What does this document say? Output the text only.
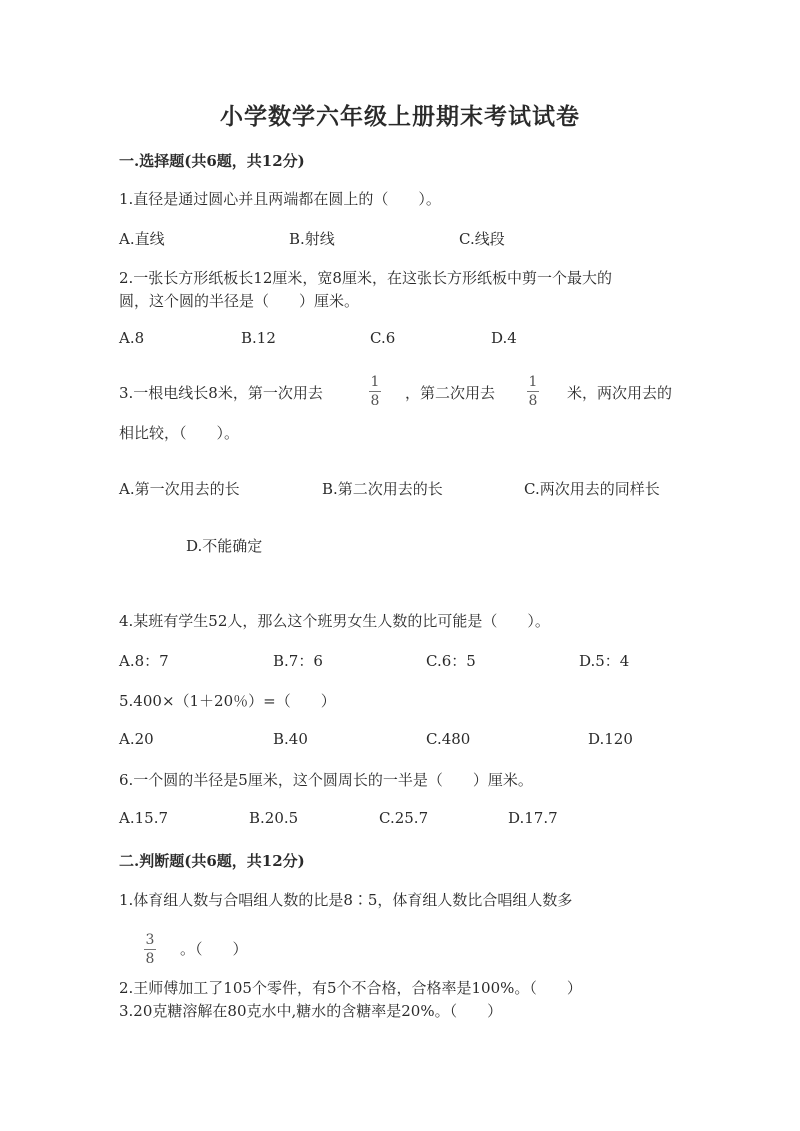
小学数学六年级上册期末考试试卷
一.选择题(共6题，共12分)
1.直径是通过圆心并且两端都在圆上的（　　）。
A.直线	B.射线	C.线段
2.一张长方形纸板长12厘米，宽8厘米，在这张长方形纸板中剪一个最大的
圆，这个圆的半径是（　　）厘米。
A.8	B.12	C.6	D.4
3.一根电线长8米，第一次用去
1
8 ，第二次用去
1
8 米，两次用去的
相比较，（　　）。
A.第一次用去的长	B.第二次用去的长	C.两次用去的同样长
D.不能确定
4.某班有学生52人，那么这个班男女生人数的比可能是（　　）。
A.8：7	B.7：6	C.6：5	D.5：4
5.400×（1＋20％）=（　　）
A.20	B.40	C.480	D.120
6.一个圆的半径是5厘米，这个圆周长的一半是（　　）厘米。
A.15.7	B.20.5	C.25.7	D.17.7
二.判断题(共6题，共12分)
1.体育组人数与合唱组人数的比是8∶5，体育组人数比合唱组人数多
3
8
。（　　）
2.王师傅加工了105个零件，有5个不合格，合格率是100%。（　　）
3.20克糖溶解在80克水中,糖水的含糖率是20%。（　　）
